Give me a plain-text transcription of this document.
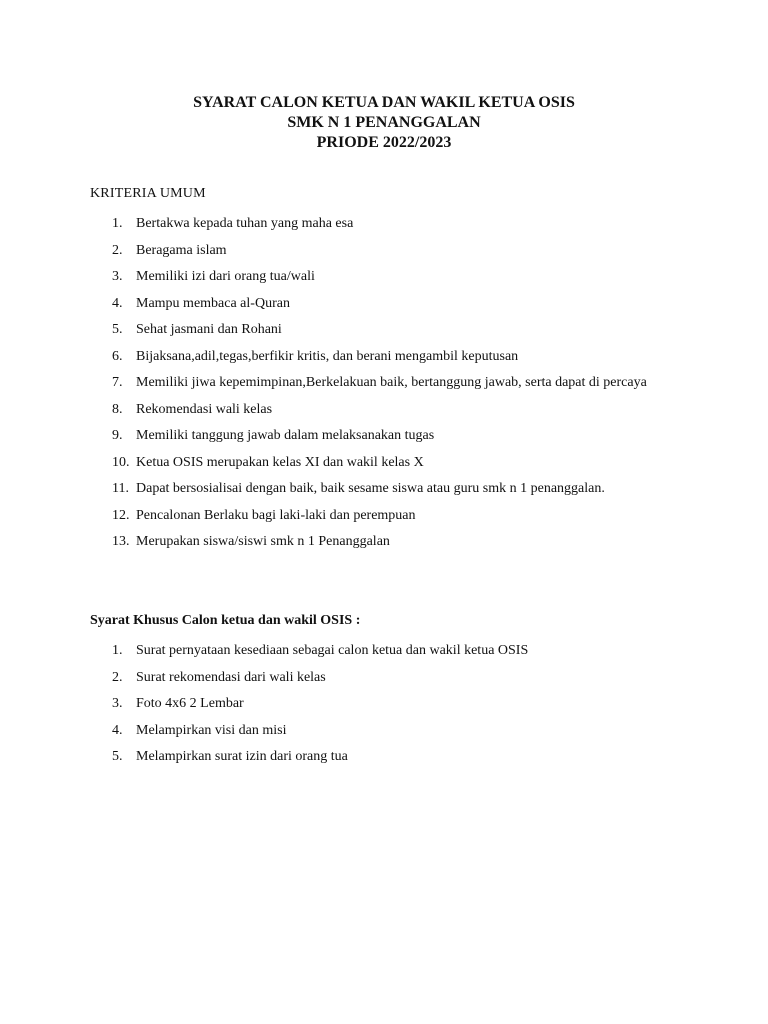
SYARAT CALON KETUA DAN WAKIL KETUA OSIS
SMK N 1 PENANGGALAN
PRIODE 2022/2023
KRITERIA UMUM
1. Bertakwa kepada tuhan yang maha esa
2. Beragama islam
3. Memiliki izi dari orang tua/wali
4. Mampu membaca al-Quran
5. Sehat jasmani dan Rohani
6. Bijaksana,adil,tegas,berfikir kritis, dan berani mengambil keputusan
7. Memiliki jiwa kepemimpinan,Berkelakuan baik, bertanggung jawab, serta dapat di percaya
8. Rekomendasi wali kelas
9. Memiliki tanggung jawab dalam melaksanakan tugas
10. Ketua OSIS merupakan kelas XI dan wakil kelas X
11. Dapat bersosialisai dengan baik, baik sesame siswa atau guru smk n 1 penanggalan.
12. Pencalonan Berlaku bagi laki-laki dan perempuan
13. Merupakan siswa/siswi smk n 1 Penanggalan
Syarat Khusus Calon ketua dan wakil OSIS :
1. Surat pernyataan kesediaan sebagai calon ketua dan wakil ketua OSIS
2. Surat rekomendasi dari wali kelas
3. Foto 4x6 2 Lembar
4. Melampirkan visi dan misi
5. Melampirkan surat izin dari orang tua
